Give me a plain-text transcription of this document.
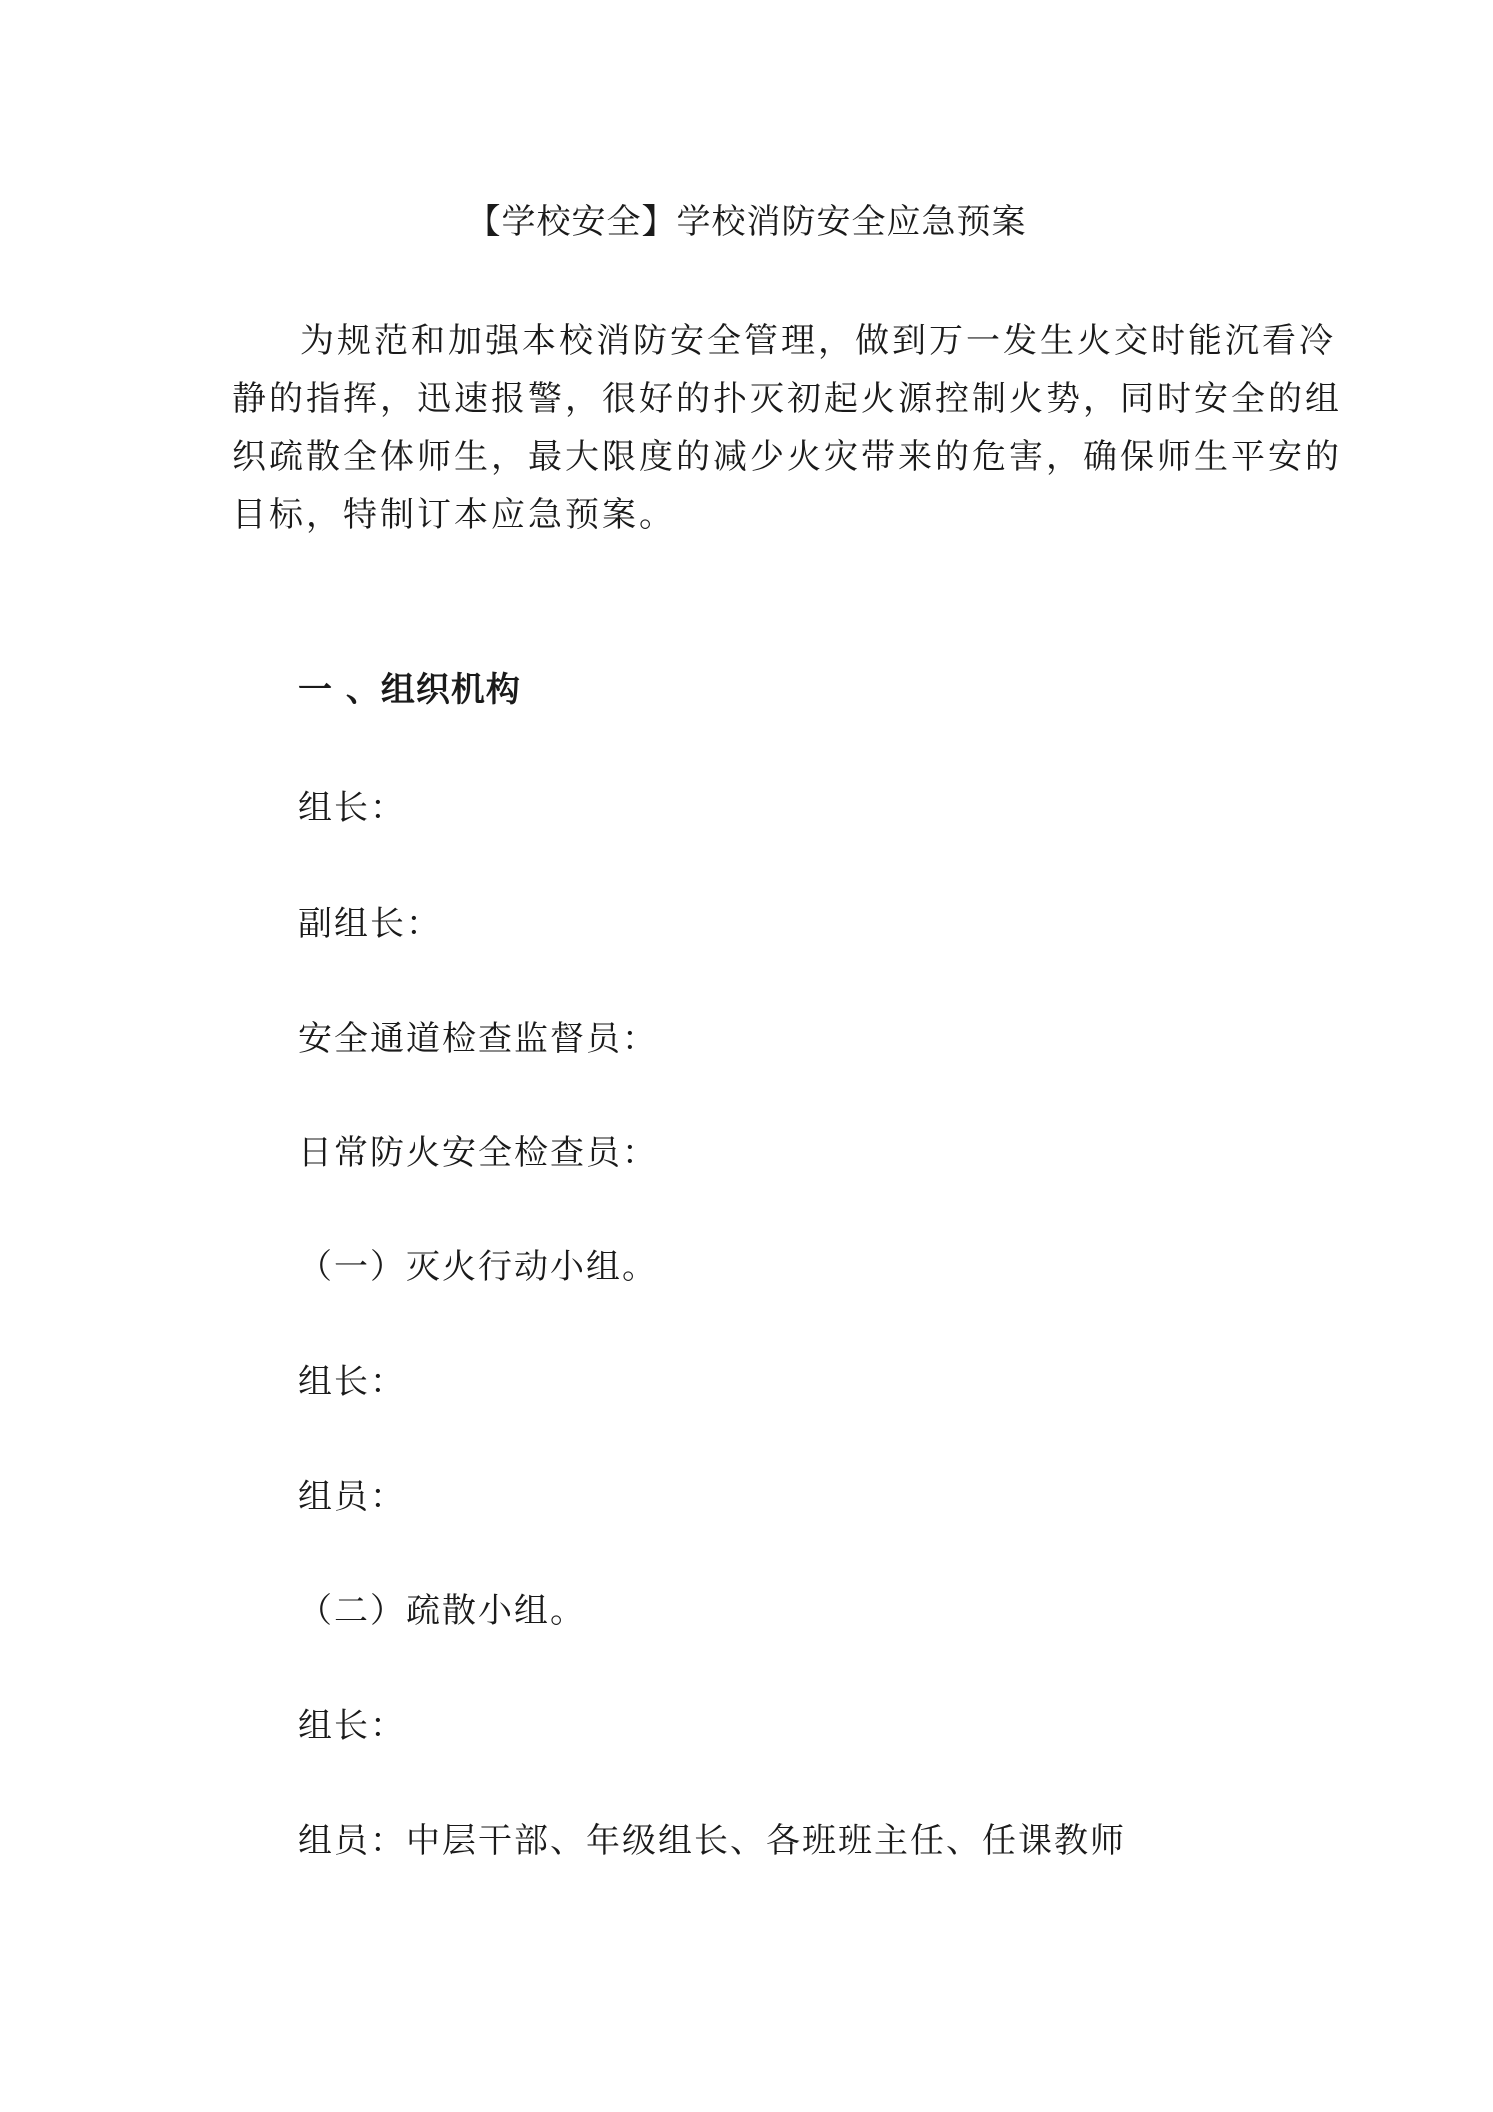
【学校安全】学校消防安全应急预案
为规范和加强本校消防安全管理，做到万一发生火交时能沉看冷
静的指挥，迅速报警，很好的扑灭初起火源控制火势，同时安全的组
织疏散全体师生，最大限度的减少火灾带来的危害，确保师生平安的
目标，特制订本应急预案。
一 、组织机构
组长：
副组长：
安全通道检查监督员：
日常防火安全检查员：
（一）灭火行动小组。
组长：
组员：
（二）疏散小组。
组长：
组员：中层干部、年级组长、各班班主任、任课教师
